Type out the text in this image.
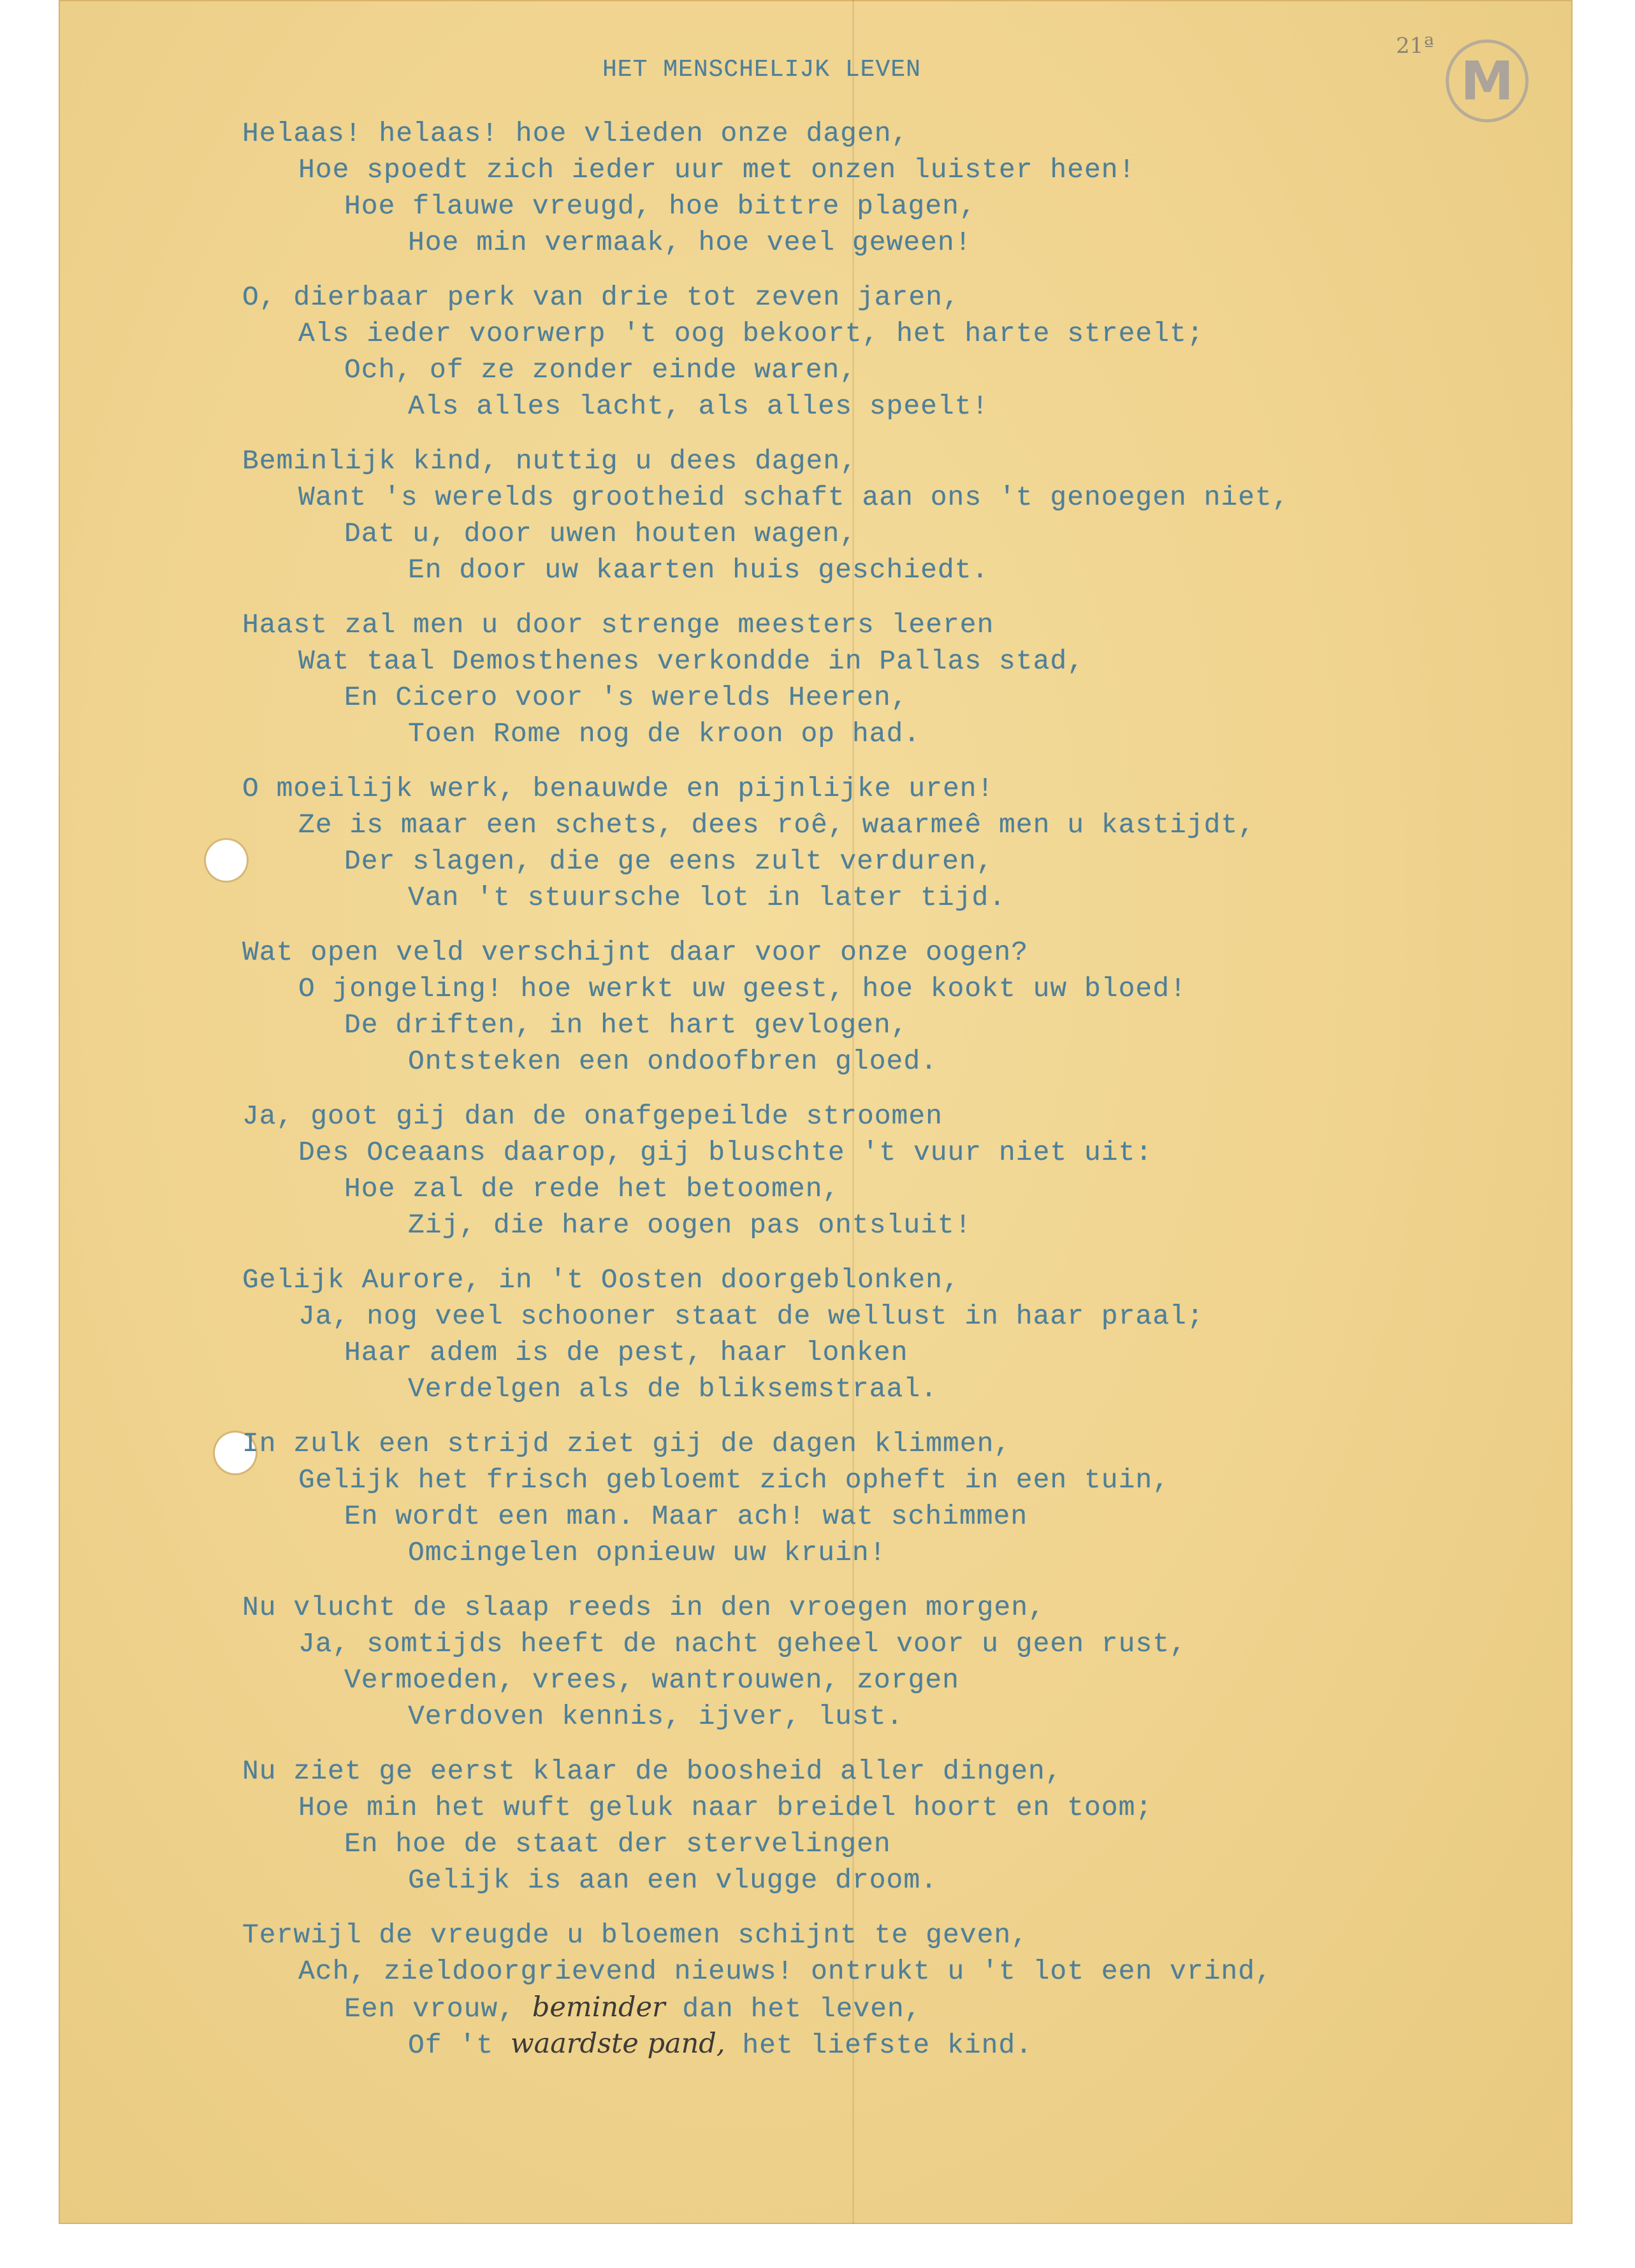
21ª
M
HET MENSCHELIJK LEVEN
Helaas! helaas! hoe vlieden onze dagen,
Hoe spoedt zich ieder uur met onzen luister heen!
Hoe flauwe vreugd, hoe bittre plagen,
Hoe min vermaak, hoe veel geween!
O, dierbaar perk van drie tot zeven jaren,
Als ieder voorwerp 't oog bekoort, het harte streelt;
Och, of ze zonder einde waren,
Als alles lacht, als alles speelt!
Beminlijk kind, nuttig u dees dagen,
Want 's werelds grootheid schaft aan ons 't genoegen niet,
Dat u, door uwen houten wagen,
En door uw kaarten huis geschiedt.
Haast zal men u door strenge meesters leeren
Wat taal Demosthenes verkondde in Pallas stad,
En Cicero voor 's werelds Heeren,
Toen Rome nog de kroon op had.
O moeilijk werk, benauwde en pijnlijke uren!
Ze is maar een schets, dees roê, waarmeê men u kastijdt,
Der slagen, die ge eens zult verduren,
Van 't stuursche lot in later tijd.
Wat open veld verschijnt daar voor onze oogen?
O jongeling! hoe werkt uw geest, hoe kookt uw bloed!
De driften, in het hart gevlogen,
Ontsteken een ondoofbren gloed.
Ja, goot gij dan de onafgepeilde stroomen
Des Oceaans daarop, gij bluschte 't vuur niet uit:
Hoe zal de rede het betoomen,
Zij, die hare oogen pas ontsluit!
Gelijk Aurore, in 't Oosten doorgeblonken,
Ja, nog veel schooner staat de wellust in haar praal;
Haar adem is de pest, haar lonken
Verdelgen als de bliksemstraal.
In zulk een strijd ziet gij de dagen klimmen,
Gelijk het frisch gebloemt zich opheft in een tuin,
En wordt een man. Maar ach! wat schimmen
Omcingelen opnieuw uw kruin!
Nu vlucht de slaap reeds in den vroegen morgen,
Ja, somtijds heeft de nacht geheel voor u geen rust,
Vermoeden, vrees, wantrouwen, zorgen
Verdoven kennis, ijver, lust.
Nu ziet ge eerst klaar de boosheid aller dingen,
Hoe min het wuft geluk naar breidel hoort en toom;
En hoe de staat der stervelingen
Gelijk is aan een vlugge droom.
Terwijl de vreugde u bloemen schijnt te geven,
Ach, zieldoorgrievend nieuws! ontrukt u 't lot een vrind,
Een vrouw, beminder dan het leven,
Of 't waardste pand, het liefste kind.
